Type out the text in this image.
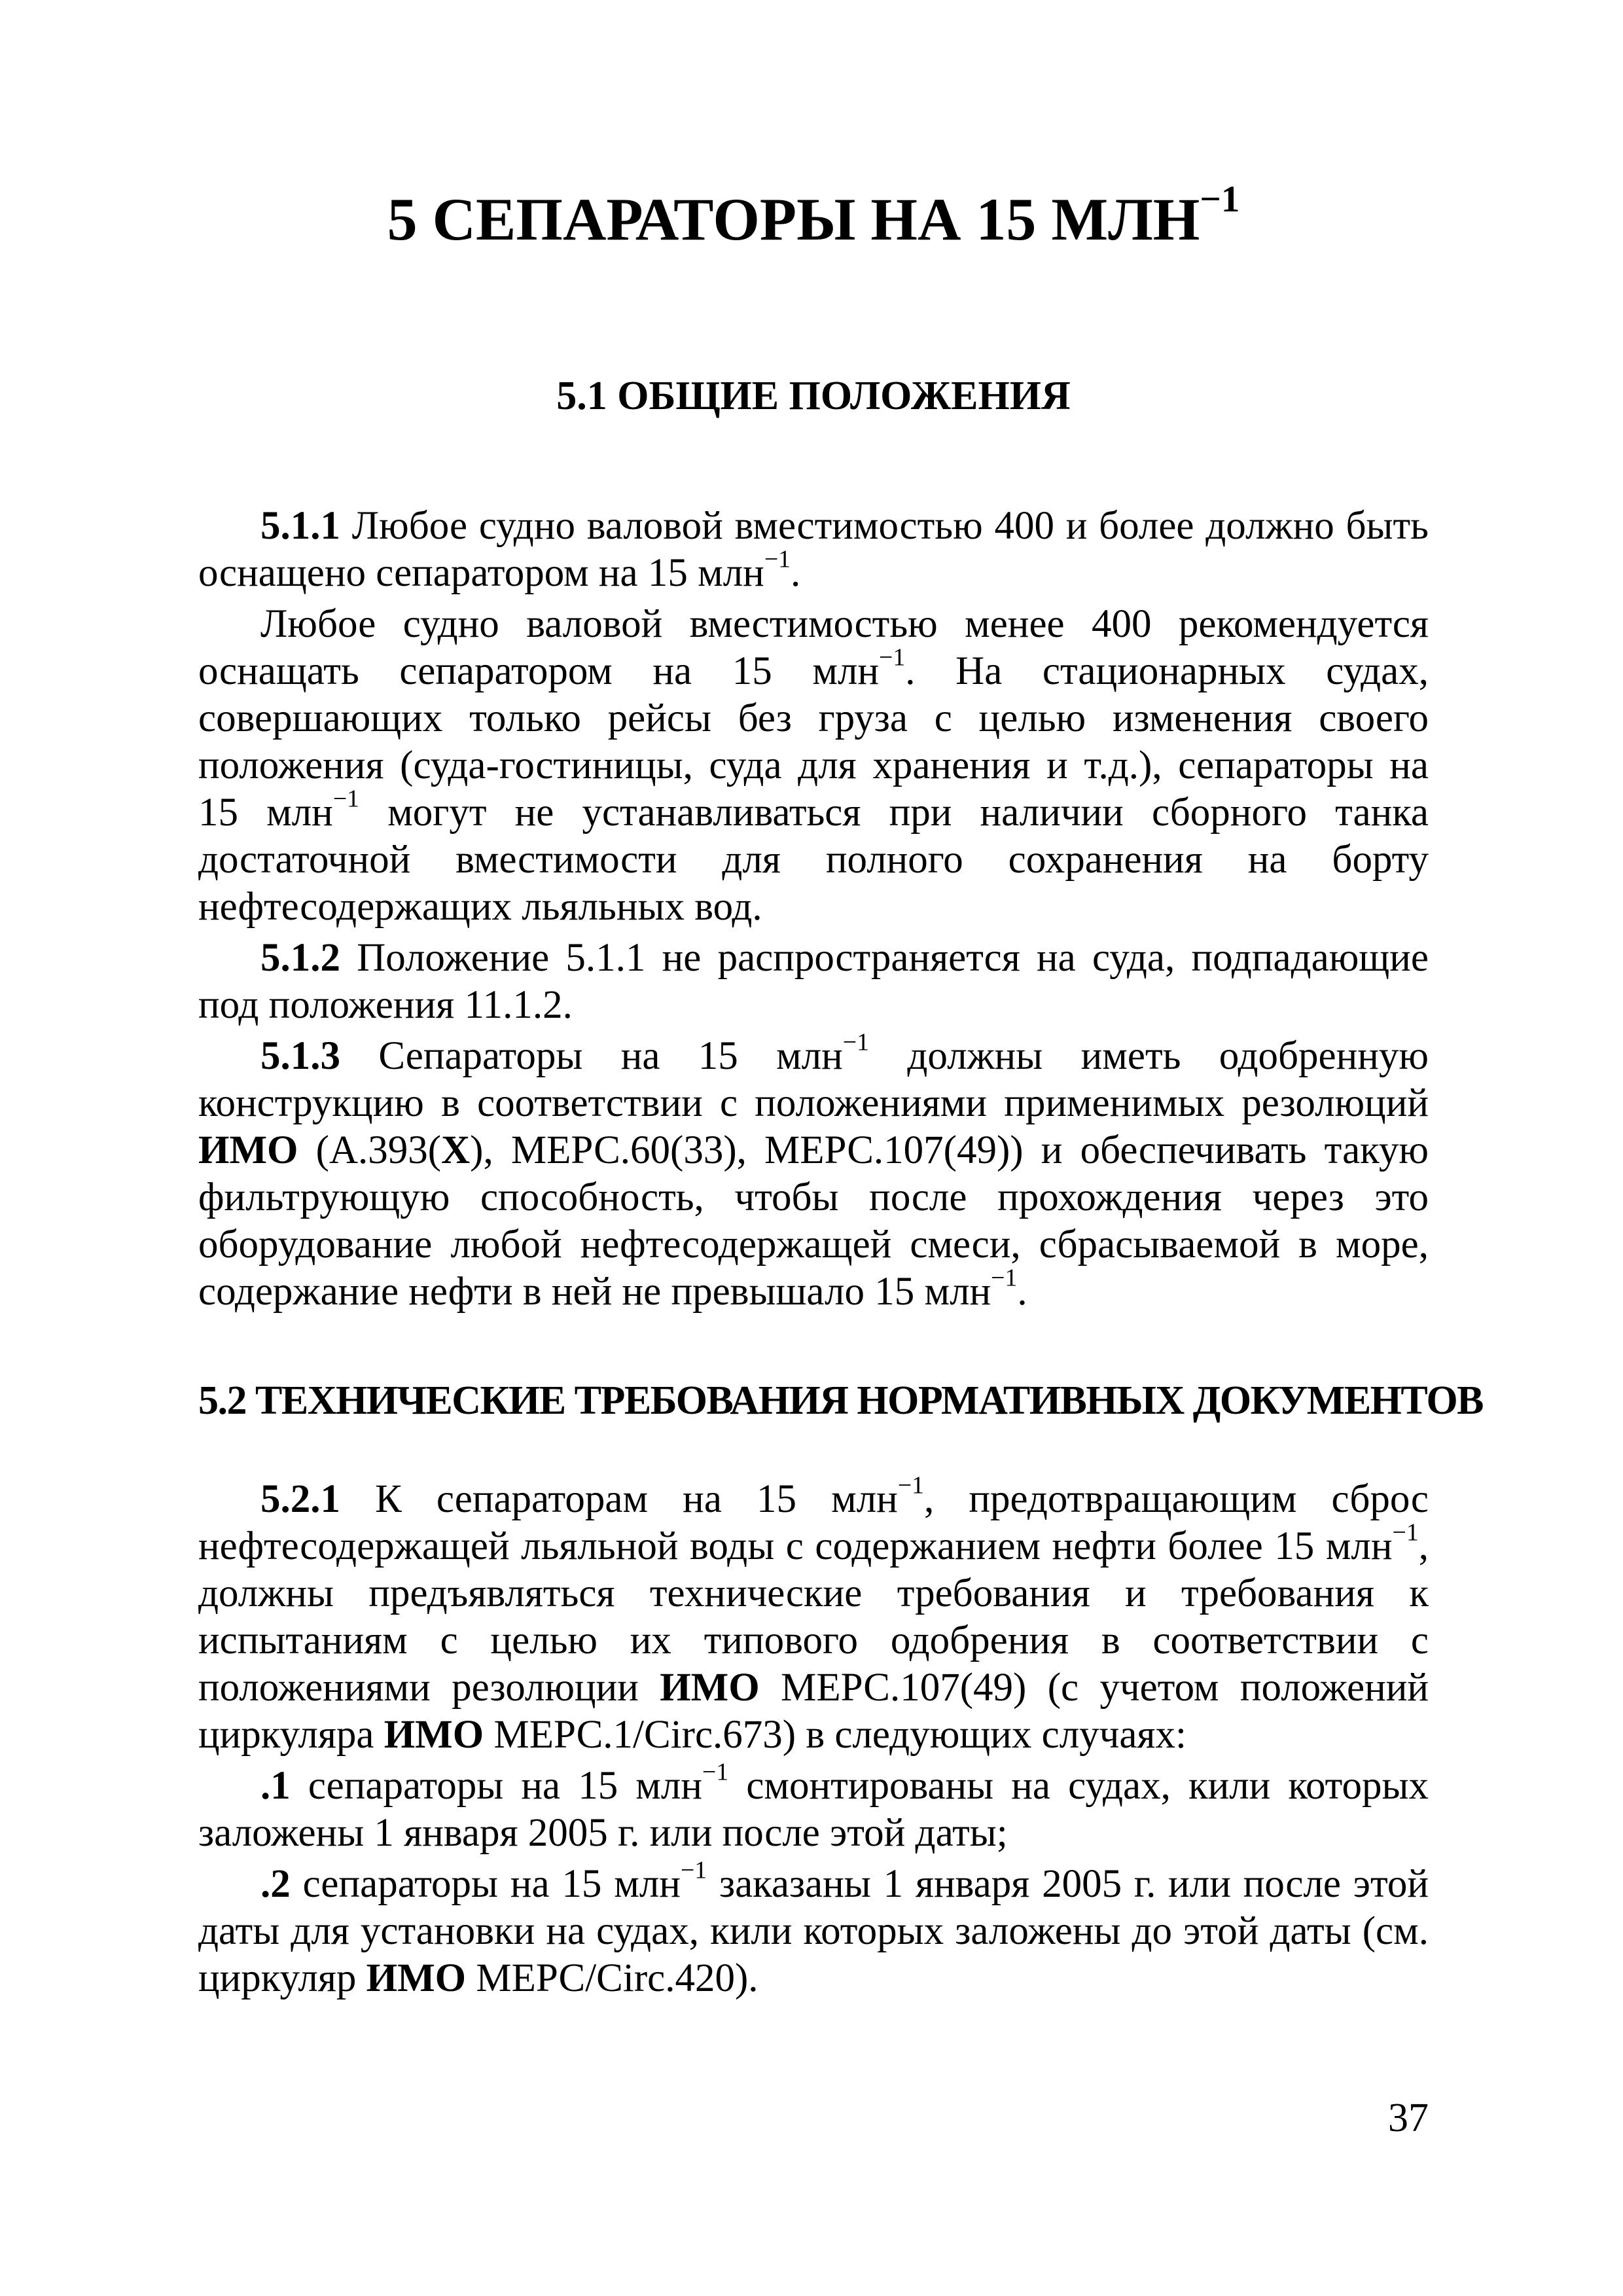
5 СЕПАРАТОРЫ НА 15 $МЛН^{-1}$
5.1 ОБЩИЕ ПОЛОЖЕНИЯ

5.1.1 Любое судно валовой вместимостью 400 и более должно быть оснащено сепаратором на 15 млн$^{-1}$.

Любое судно валовой вместимостью менее 400 рекомендуется оснащать сепаратором на 15 млн$^{-1}$. На стационарных судах, совершающих только рейсы без груза с целью изменения своего положения (суда-гостиницы, суда для хранения и т.д.), сепараторы на 15 млн$^{-1}$ могут не устанавливаться при наличии сборного танка достаточной вместимости для полного сохранения на борту нефтесодержащих льяльных вод.

5.1.2 Положение 5.1.1 не распространяется на суда, подпадающие под положения 11.1.2.

5.1.3 Сепараторы на 15 млн$^{-1}$ должны иметь одобренную конструкцию в соответствии с положениями применимых резолюций ИМО (А.393(X), МЕРС.60(33), МЕРС.107(49)) и обеспечивать такую фильтрующую способность, чтобы после прохождения через это оборудование любой нефтесодержащей смеси, сбрасываемой в море, содержание нефти в ней не превышало 15 млн$^{-1}$.

5.2 ТЕХНИЧЕСКИЕ ТРЕБОВАНИЯ НОРМАТИВНЫХ ДОКУМЕНТОВ

5.2.1 К сепараторам на 15 млн$^{-1}$, предотвращающим сброс нефтесодержащей льяльной воды с содержанием нефти более 15 млн$^{-1}$, должны предъявляться технические требования и требования к испытаниям с целью их типового одобрения в соответствии с положениями резолюции ИМО МЕРС.107(49) (с учетом положений циркуляра ИМО МЕРС.1/Circ.673) в следующих случаях:

.1 сепараторы на 15 млн$^{-1}$ смонтированы на судах, кили которых заложены 1 января 2005 г. или после этой даты;

.2 сепараторы на 15 млн$^{-1}$ заказаны 1 января 2005 г. или после этой даты для установки на судах, кили которых заложены до этой даты (см. циркуляр ИМО МЕРС/Circ.420).

37
